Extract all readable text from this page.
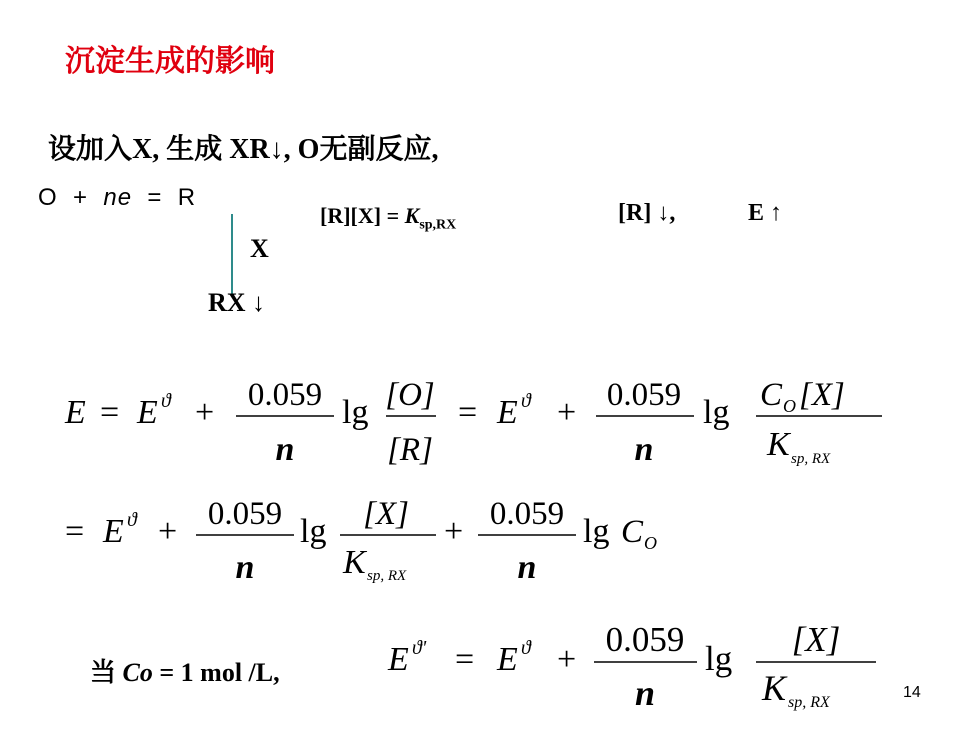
沉淀生成的影响
设加入X, 生成 XR↓, O无副反应,
O + ne = R
X
RX ↓
$[R][X] = K_{sp,RX}$	[R] ↓,	E ↑
E = E ϑ + 0.059
n
lg [O]
[R]
= E ϑ + 0.059
n
lg C O [X]
K sp, RX
= E ϑ + 0.059
n
lg [X]
K sp, RX
+ 0.059
n
lg C O
E ϑ' = E ϑ +
0.059
n
lg [X]
K sp, RX
当 Co = 1 mol /L,
14
